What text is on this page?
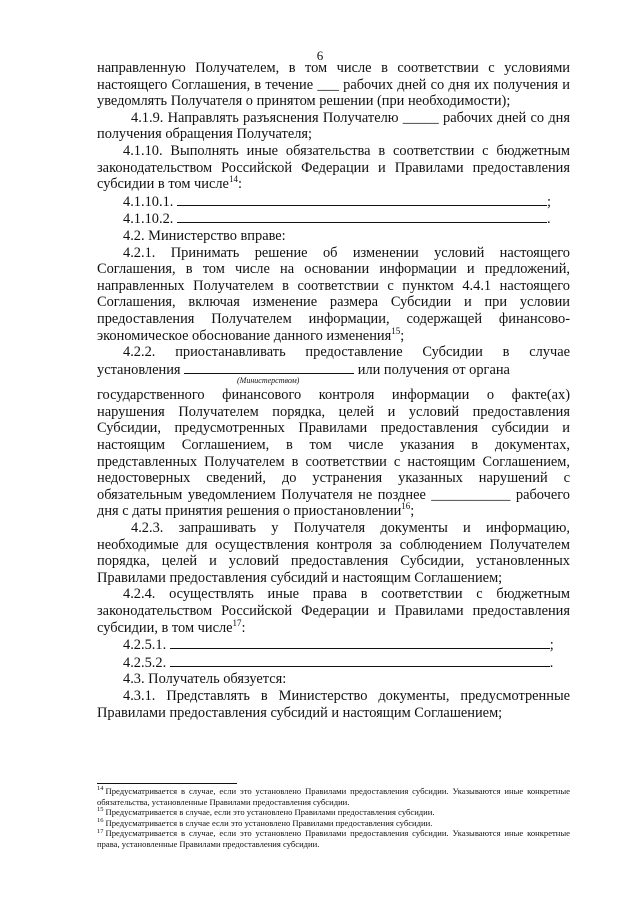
6

направленную Получателем, в том числе в соответствии с условиями настоящего Соглашения, в течение ___ рабочих дней со дня их получения и уведомлять Получателя о принятом решении (при необходимости);

4.1.9. Направлять разъяснения Получателю _____ рабочих дней со дня получения обращения Получателя;

4.1.10. Выполнять иные обязательства в соответствии с бюджетным законодательством Российской Федерации и Правилами предоставления субсидии в том числе$^{14}$:

4.1.10.1.	;

4.1.10.2.	.

4.2. Министерство вправе:

4.2.1. Принимать решение об изменении условий настоящего Соглашения, в том числе на основании информации и предложений, направленных Получателем в соответствии с пунктом 4.4.1 настоящего Соглашения, включая изменение размера Субсидии и при условии предоставления Получателем информации, содержащей финансово-экономическое обоснование данного изменения$^{15}$;

4.2.2. приостанавливать предоставление Субсидии в случае установления	или получения от органа

(Министерством)

государственного финансового контроля информации о факте(ах) нарушения Получателем порядка, целей и условий предоставления Субсидии, предусмотренных Правилами предоставления субсидии и настоящим Соглашением, в том числе указания в документах, представленных Получателем в соответствии с настоящим Соглашением, недостоверных сведений, до устранения указанных нарушений с обязательным уведомлением Получателя не позднее ___________ рабочего дня с даты принятия решения о приостановлении$^{16}$;

4.2.3. запрашивать у Получателя документы и информацию, необходимые для осуществления контроля за соблюдением Получателем порядка, целей и условий предоставления Субсидии, установленных Правилами предоставления субсидий и настоящим Соглашением;

4.2.4. осуществлять иные права в соответствии с бюджетным законодательством Российской Федерации и Правилами предоставления субсидии, в том числе$^{17}$:

4.2.5.1.	;

4.2.5.2.	.

4.3. Получатель обязуется:

4.3.1. Представлять в Министерство документы, предусмотренные Правилами предоставления субсидий и настоящим Соглашением;

$^{14}$ Предусматривается в случае, если это установлено Правилами предоставления субсидии. Указываются иные конкретные обязательства, установленные Правилами предоставления субсидии.

$^{15}$ Предусматривается в случае, если это установлено Правилами предоставления субсидии.

$^{16}$ Предусматривается в случае если это установлено Правилами предоставления субсидии.

$^{17}$ Предусматривается в случае, если это установлено Правилами предоставления субсидии. Указываются иные конкретные права, установленные Правилами предоставления субсидии.
